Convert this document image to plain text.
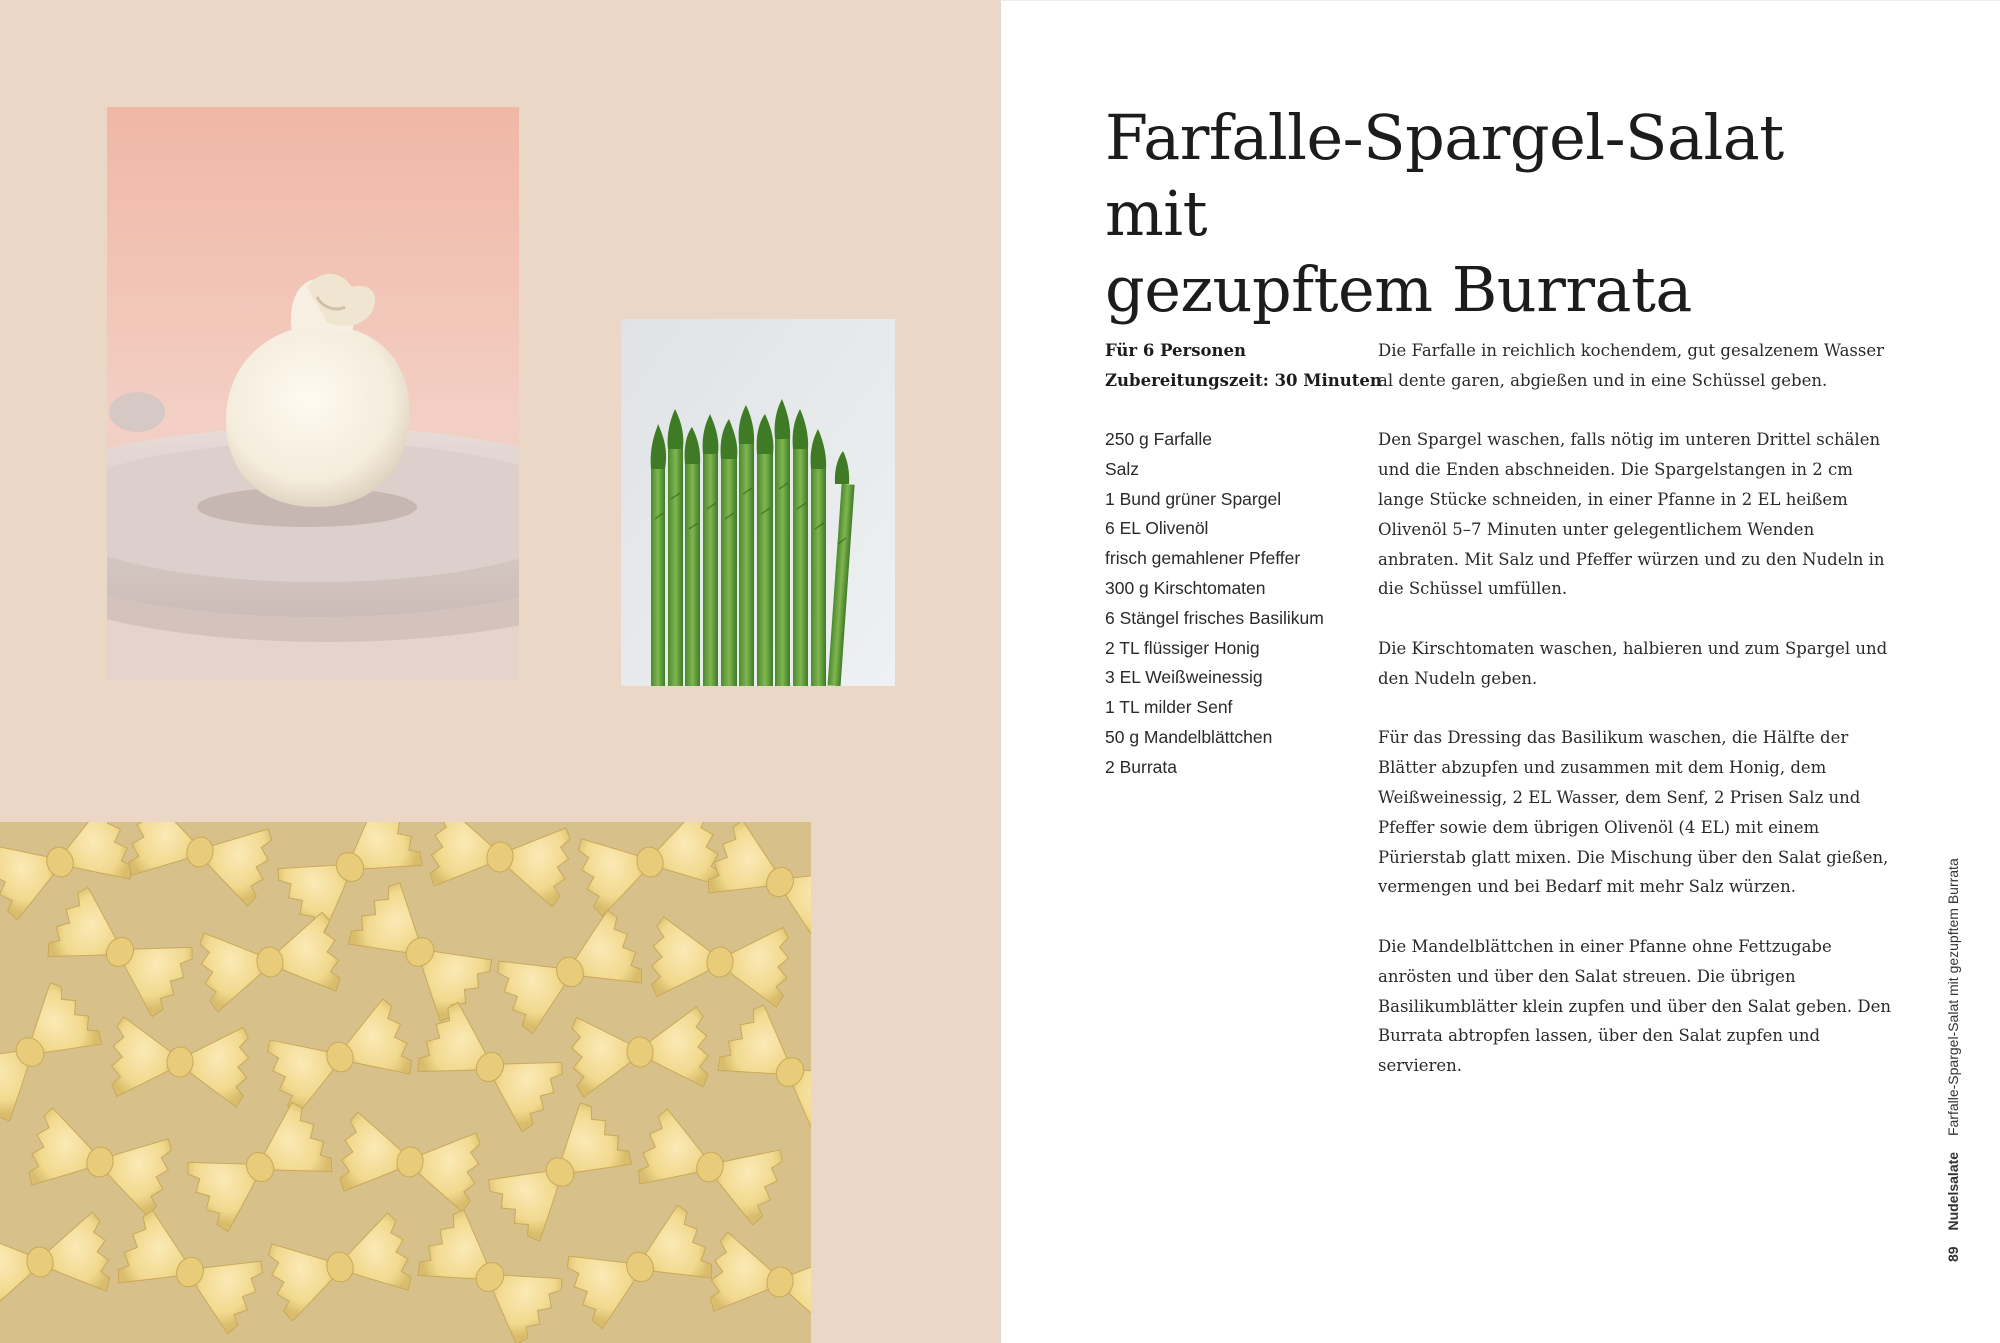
Farfalle-Spargel-Salat mit
gezupftem Burrata
Für 6 Personen
Zubereitungszeit: 30 Minuten
250 g Farfalle
Salz
1 Bund grüner Spargel
6 EL Olivenöl
frisch gemahlener Pfeffer
300 g Kirschtomaten
6 Stängel frisches Basilikum
2 TL flüssiger Honig
3 EL Weißweinessig
1 TL milder Senf
50 g Mandelblättchen
2 Burrata

Die Farfalle in reichlich kochendem, gut gesalzenem Wasser al dente garen, abgießen und in eine Schüssel geben.

Den Spargel waschen, falls nötig im unteren Drittel schälen und die Enden abschneiden. Die Spargelstangen in 2 cm lange Stücke schneiden, in einer Pfanne in 2 EL heißem Olivenöl 5–7 Minuten unter gelegentlichem Wenden anbraten. Mit Salz und Pfeffer würzen und zu den Nudeln in die Schüssel umfüllen.

Die Kirschtomaten waschen, halbieren und zum Spargel und den Nudeln geben.

Für das Dressing das Basilikum waschen, die Hälfte der Blätter abzupfen und zusammen mit dem Honig, dem Weißweinessig, 2 EL Wasser, dem Senf, 2 Prisen Salz und Pfeffer sowie dem übrigen Olivenöl (4 EL) mit einem Pürierstab glatt mixen. Die Mischung über den Salat gießen, vermengen und bei Bedarf mit mehr Salz würzen.

Die Mandelblättchen in einer Pfanne ohne Fettzugabe anrösten und über den Salat streuen. Die übrigen Basilikumblätter klein zupfen und über den Salat geben. Den Burrata abtropfen lassen, über den Salat zupfen und servieren.

89 Nudelsalate Farfalle-Spargel-Salat mit gezupftem Burrata
